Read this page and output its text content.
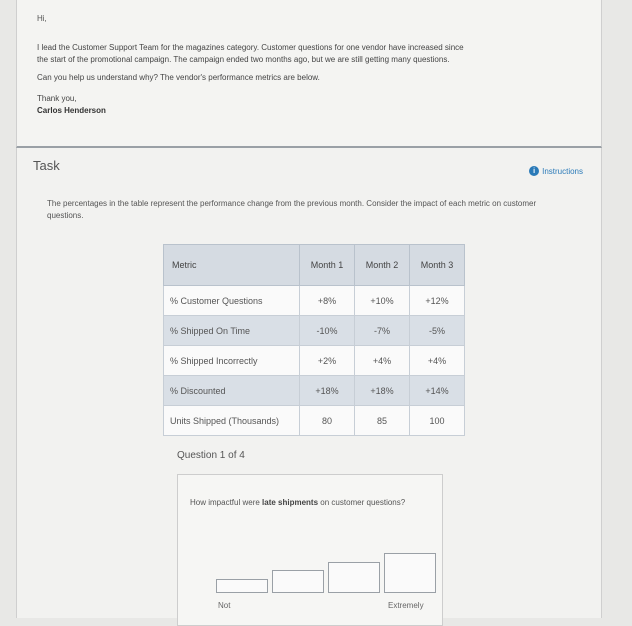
Hi,
I lead the Customer Support Team for the magazines category. Customer questions for one vendor have increased since
the start of the promotional campaign. The campaign ended two months ago, but we are still getting many questions.
Can you help us understand why? The vendor's performance metrics are below.
Thank you,
Carlos Henderson
Task	i Instructions
The percentages in the table represent the performance change from the previous month. Consider the impact of each metric on customer questions.
Metric	Month 1	Month 2	Month 3
% Customer Questions	+8%	+10%	+12%
% Shipped On Time	-10%	-7%	-5%
% Shipped Incorrectly	+2%	+4%	+4%
% Discounted	+18%	+18%	+14%
Units Shipped (Thousands)	80	85	100
Question 1 of 4
How impactful were late shipments on customer questions?
Not	Extremely
